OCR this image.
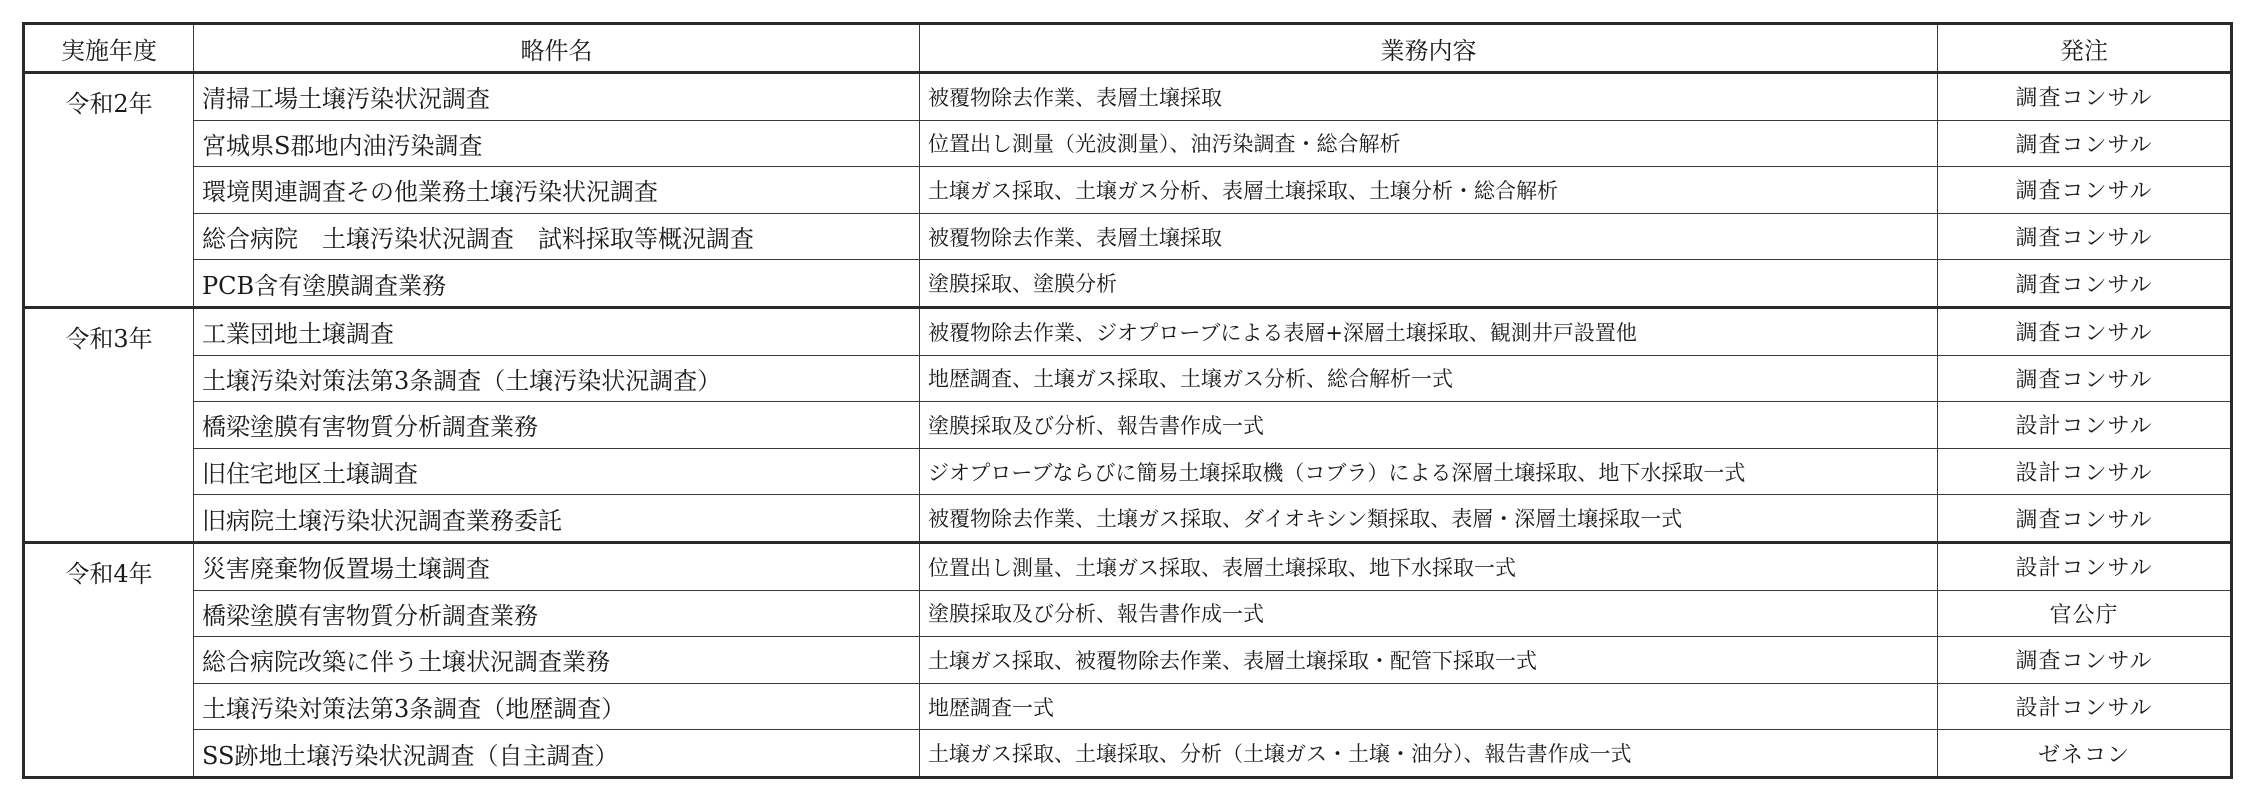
実施年度	略件名	業務内容	発注
令和2年	清掃工場土壌汚染状況調査	被覆物除去作業、表層土壌採取	調査コンサル
	宮城県S郡地内油汚染調査	位置出し測量（光波測量）、油汚染調査・総合解析	調査コンサル
	環境関連調査その他業務土壌汚染状況調査	土壌ガス採取、土壌ガス分析、表層土壌採取、土壌分析・総合解析	調査コンサル
	総合病院　土壌汚染状況調査　試料採取等概況調査	被覆物除去作業、表層土壌採取	調査コンサル
	PCB含有塗膜調査業務	塗膜採取、塗膜分析	調査コンサル
令和3年	工業団地土壌調査	被覆物除去作業、ジオプローブによる表層+深層土壌採取、観測井戸設置他	調査コンサル
	土壌汚染対策法第3条調査（土壌汚染状況調査）	地歴調査、土壌ガス採取、土壌ガス分析、総合解析一式	調査コンサル
	橋梁塗膜有害物質分析調査業務	塗膜採取及び分析、報告書作成一式	設計コンサル
	旧住宅地区土壌調査	ジオプローブならびに簡易土壌採取機（コブラ）による深層土壌採取、地下水採取一式	設計コンサル
	旧病院土壌汚染状況調査業務委託	被覆物除去作業、土壌ガス採取、ダイオキシン類採取、表層・深層土壌採取一式	調査コンサル
令和4年	災害廃棄物仮置場土壌調査	位置出し測量、土壌ガス採取、表層土壌採取、地下水採取一式	設計コンサル
	橋梁塗膜有害物質分析調査業務	塗膜採取及び分析、報告書作成一式	官公庁
	総合病院改築に伴う土壌状況調査業務	土壌ガス採取、被覆物除去作業、表層土壌採取・配管下採取一式	調査コンサル
	土壌汚染対策法第3条調査（地歴調査）	地歴調査一式	設計コンサル
	SS跡地土壌汚染状況調査（自主調査）	土壌ガス採取、土壌採取、分析（土壌ガス・土壌・油分）、報告書作成一式	ゼネコン
